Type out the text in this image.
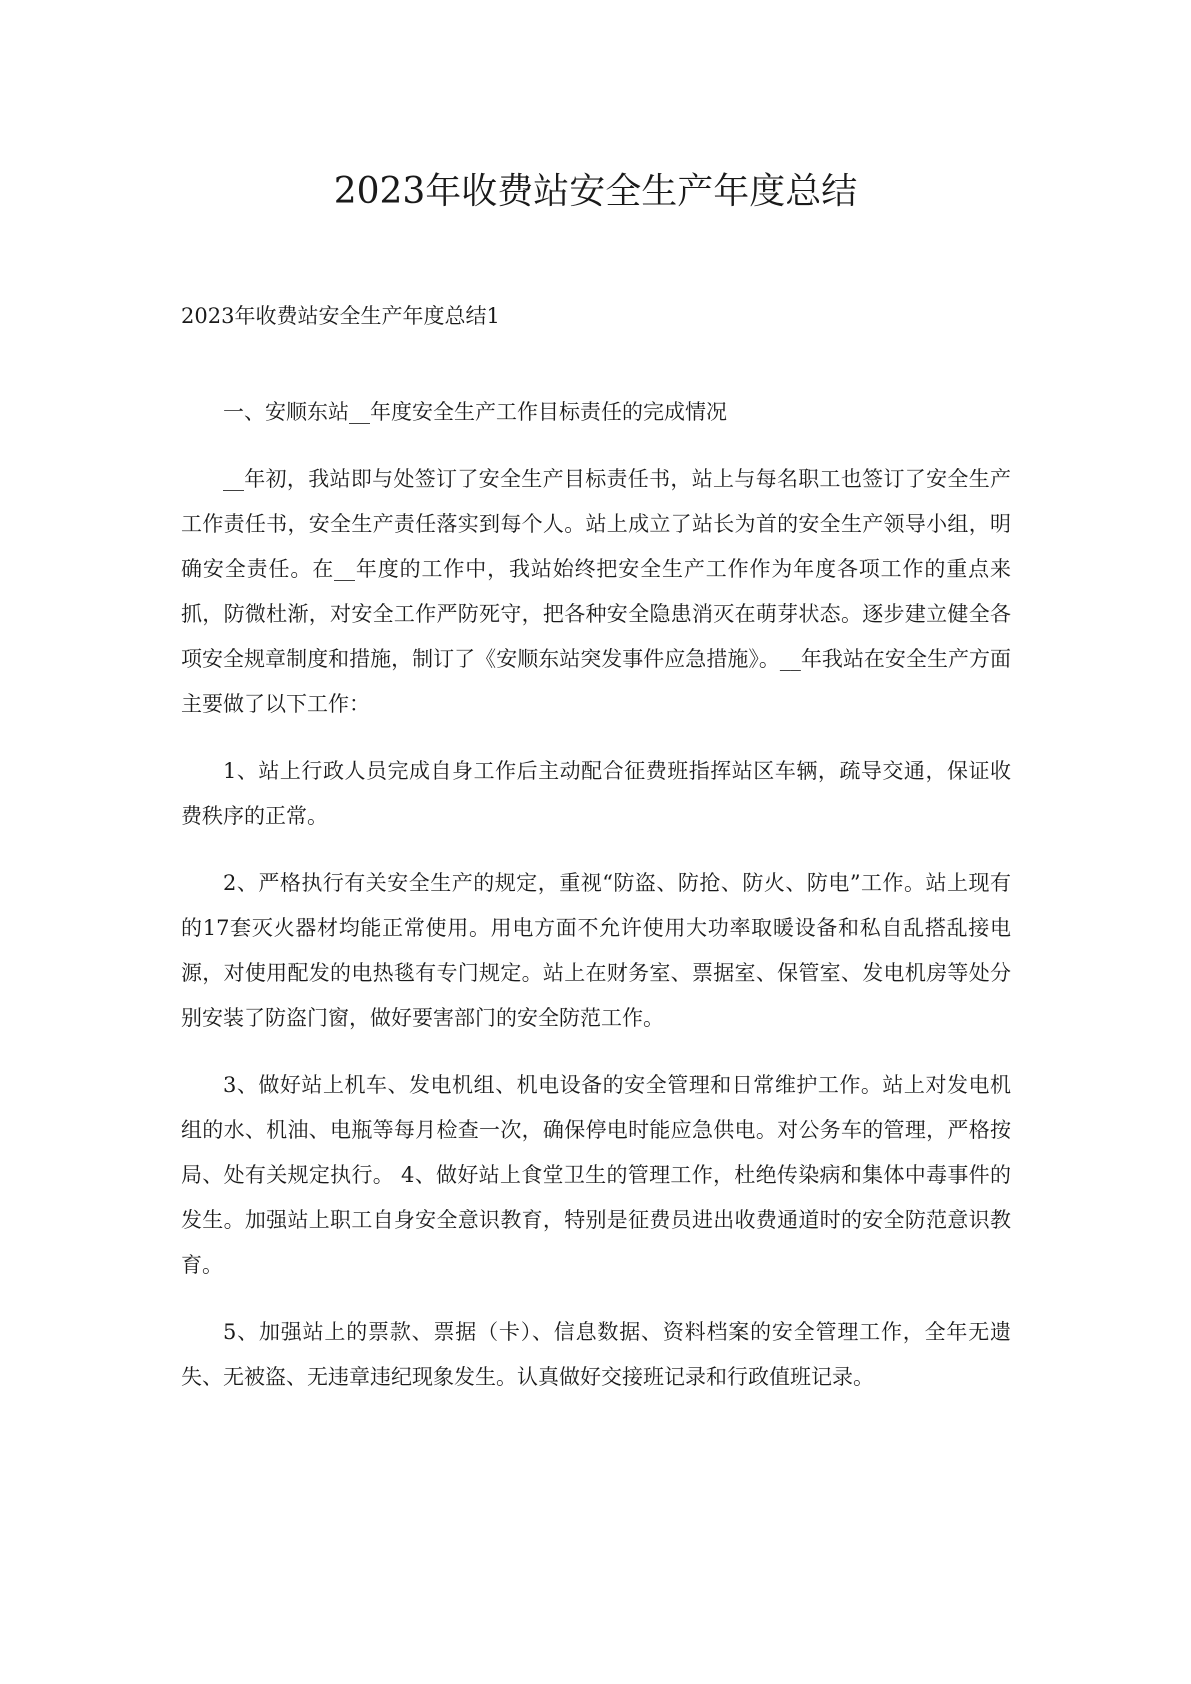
2023年收费站安全生产年度总结
2023年收费站安全生产年度总结1

一、安顺东站__年度安全生产工作目标责任的完成情况

__年初，我站即与处签订了安全生产目标责任书，站上与每名职工也签订了安全生产工作责任书，安全生产责任落实到每个人。站上成立了站长为首的安全生产领导小组，明确安全责任。在__年度的工作中，我站始终把安全生产工作作为年度各项工作的重点来抓，防微杜渐，对安全工作严防死守，把各种安全隐患消灭在萌芽状态。逐步建立健全各项安全规章制度和措施，制订了《安顺东站突发事件应急措施》。__年我站在安全生产方面主要做了以下工作：

1、站上行政人员完成自身工作后主动配合征费班指挥站区车辆，疏导交通，保证收费秩序的正常。

2、严格执行有关安全生产的规定，重视“防盗、防抢、防火、防电”工作。站上现有的17套灭火器材均能正常使用。用电方面不允许使用大功率取暖设备和私自乱搭乱接电源，对使用配发的电热毯有专门规定。站上在财务室、票据室、保管室、发电机房等处分别安装了防盗门窗，做好要害部门的安全防范工作。

3、做好站上机车、发电机组、机电设备的安全管理和日常维护工作。站上对发电机组的水、机油、电瓶等每月检查一次，确保停电时能应急供电。对公务车的管理，严格按局、处有关规定执行。 4、做好站上食堂卫生的管理工作，杜绝传染病和集体中毒事件的发生。加强站上职工自身安全意识教育，特别是征费员进出收费通道时的安全防范意识教育。

5、加强站上的票款、票据（卡）、信息数据、资料档案的安全管理工作，全年无遗失、无被盗、无违章违纪现象发生。认真做好交接班记录和行政值班记录。
